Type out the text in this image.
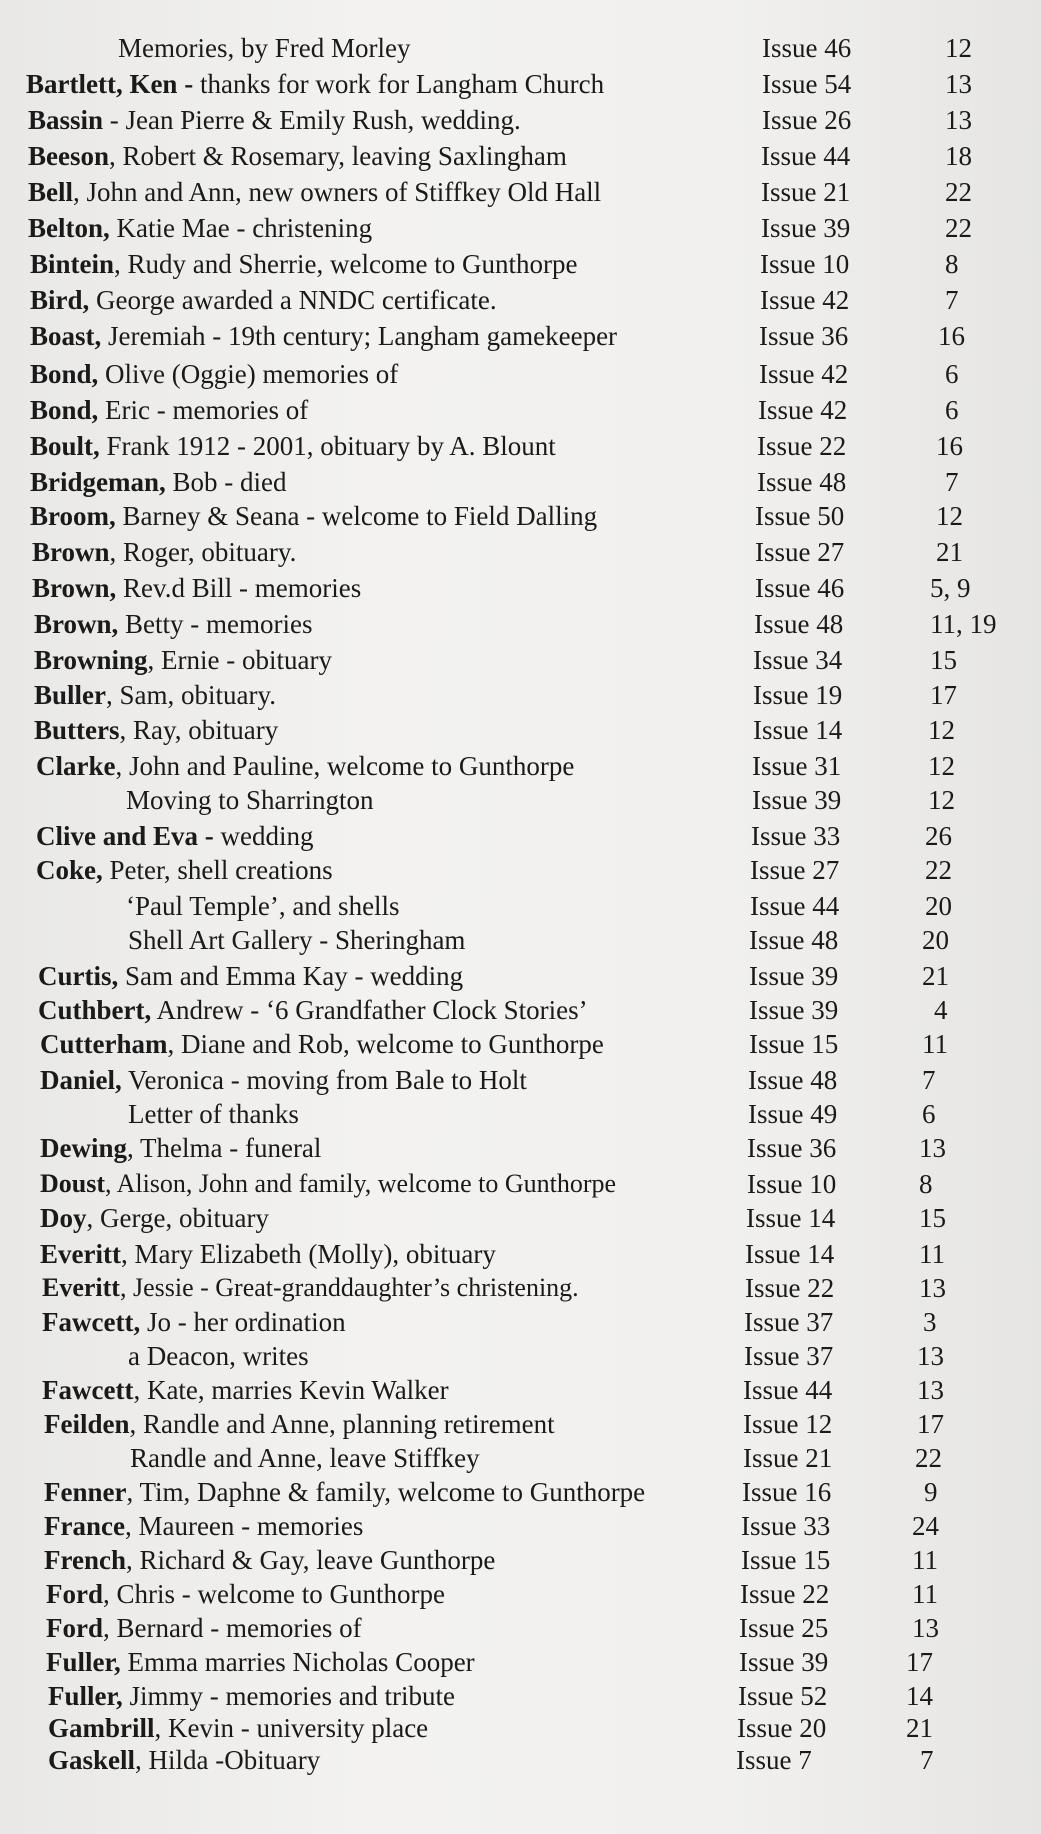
Memories, by Fred Morley	Issue 46	12
Bartlett, Ken - thanks for work for Langham Church	Issue 54	13
Bassin - Jean Pierre & Emily Rush, wedding.	Issue 26	13
Beeson, Robert & Rosemary, leaving Saxlingham	Issue 44	18
Bell, John and Ann, new owners of Stiffkey Old Hall	Issue 21	22
Belton, Katie Mae - christening	Issue 39	22
Bintein, Rudy and Sherrie, welcome to Gunthorpe	Issue 10	8
Bird, George awarded a NNDC certificate.	Issue 42	7
Boast, Jeremiah - 19th century; Langham gamekeeper	Issue 36	16
Bond, Olive (Oggie) memories of	Issue 42	6
Bond, Eric - memories of	Issue 42	6
Boult, Frank 1912 - 2001, obituary by A. Blount	Issue 22	16
Bridgeman, Bob - died	Issue 48	7
Broom, Barney & Seana - welcome to Field Dalling	Issue 50	12
Brown, Roger, obituary.	Issue 27	21
Brown, Rev.d Bill - memories	Issue 46	5, 9
Brown, Betty - memories	Issue 48	11, 19
Browning, Ernie - obituary	Issue 34	15
Buller, Sam, obituary.	Issue 19	17
Butters, Ray, obituary	Issue 14	12
Clarke, John and Pauline, welcome to Gunthorpe	Issue 31	12
Moving to Sharrington	Issue 39	12
Clive and Eva - wedding	Issue 33	26
Coke, Peter, shell creations	Issue 27	22
‘Paul Temple’, and shells	Issue 44	20
Shell Art Gallery - Sheringham	Issue 48	20
Curtis, Sam and Emma Kay - wedding	Issue 39	21
Cuthbert, Andrew - ‘6 Grandfather Clock Stories’	Issue 39	4
Cutterham, Diane and Rob, welcome to Gunthorpe	Issue 15	11
Daniel, Veronica - moving from Bale to Holt	Issue 48	7
Letter of thanks	Issue 49	6
Dewing, Thelma - funeral	Issue 36	13
Doust, Alison, John and family, welcome to Gunthorpe	Issue 10	8
Doy, Gerge, obituary	Issue 14	15
Everitt, Mary Elizabeth (Molly), obituary	Issue 14	11
Everitt, Jessie - Great-granddaughter’s christening.	Issue 22	13
Fawcett, Jo - her ordination	Issue 37	3
a Deacon, writes	Issue 37	13
Fawcett, Kate, marries Kevin Walker	Issue 44	13
Feilden, Randle and Anne, planning retirement	Issue 12	17
Randle and Anne, leave Stiffkey	Issue 21	22
Fenner, Tim, Daphne & family, welcome to Gunthorpe	Issue 16	9
France, Maureen - memories	Issue 33	24
French, Richard & Gay, leave Gunthorpe	Issue 15	11
Ford, Chris - welcome to Gunthorpe	Issue 22	11
Ford, Bernard - memories of	Issue 25	13
Fuller, Emma marries Nicholas Cooper	Issue 39	17
Fuller, Jimmy - memories and tribute	Issue 52	14
Gambrill, Kevin - university place	Issue 20	21
Gaskell, Hilda -Obituary	Issue 7	7
